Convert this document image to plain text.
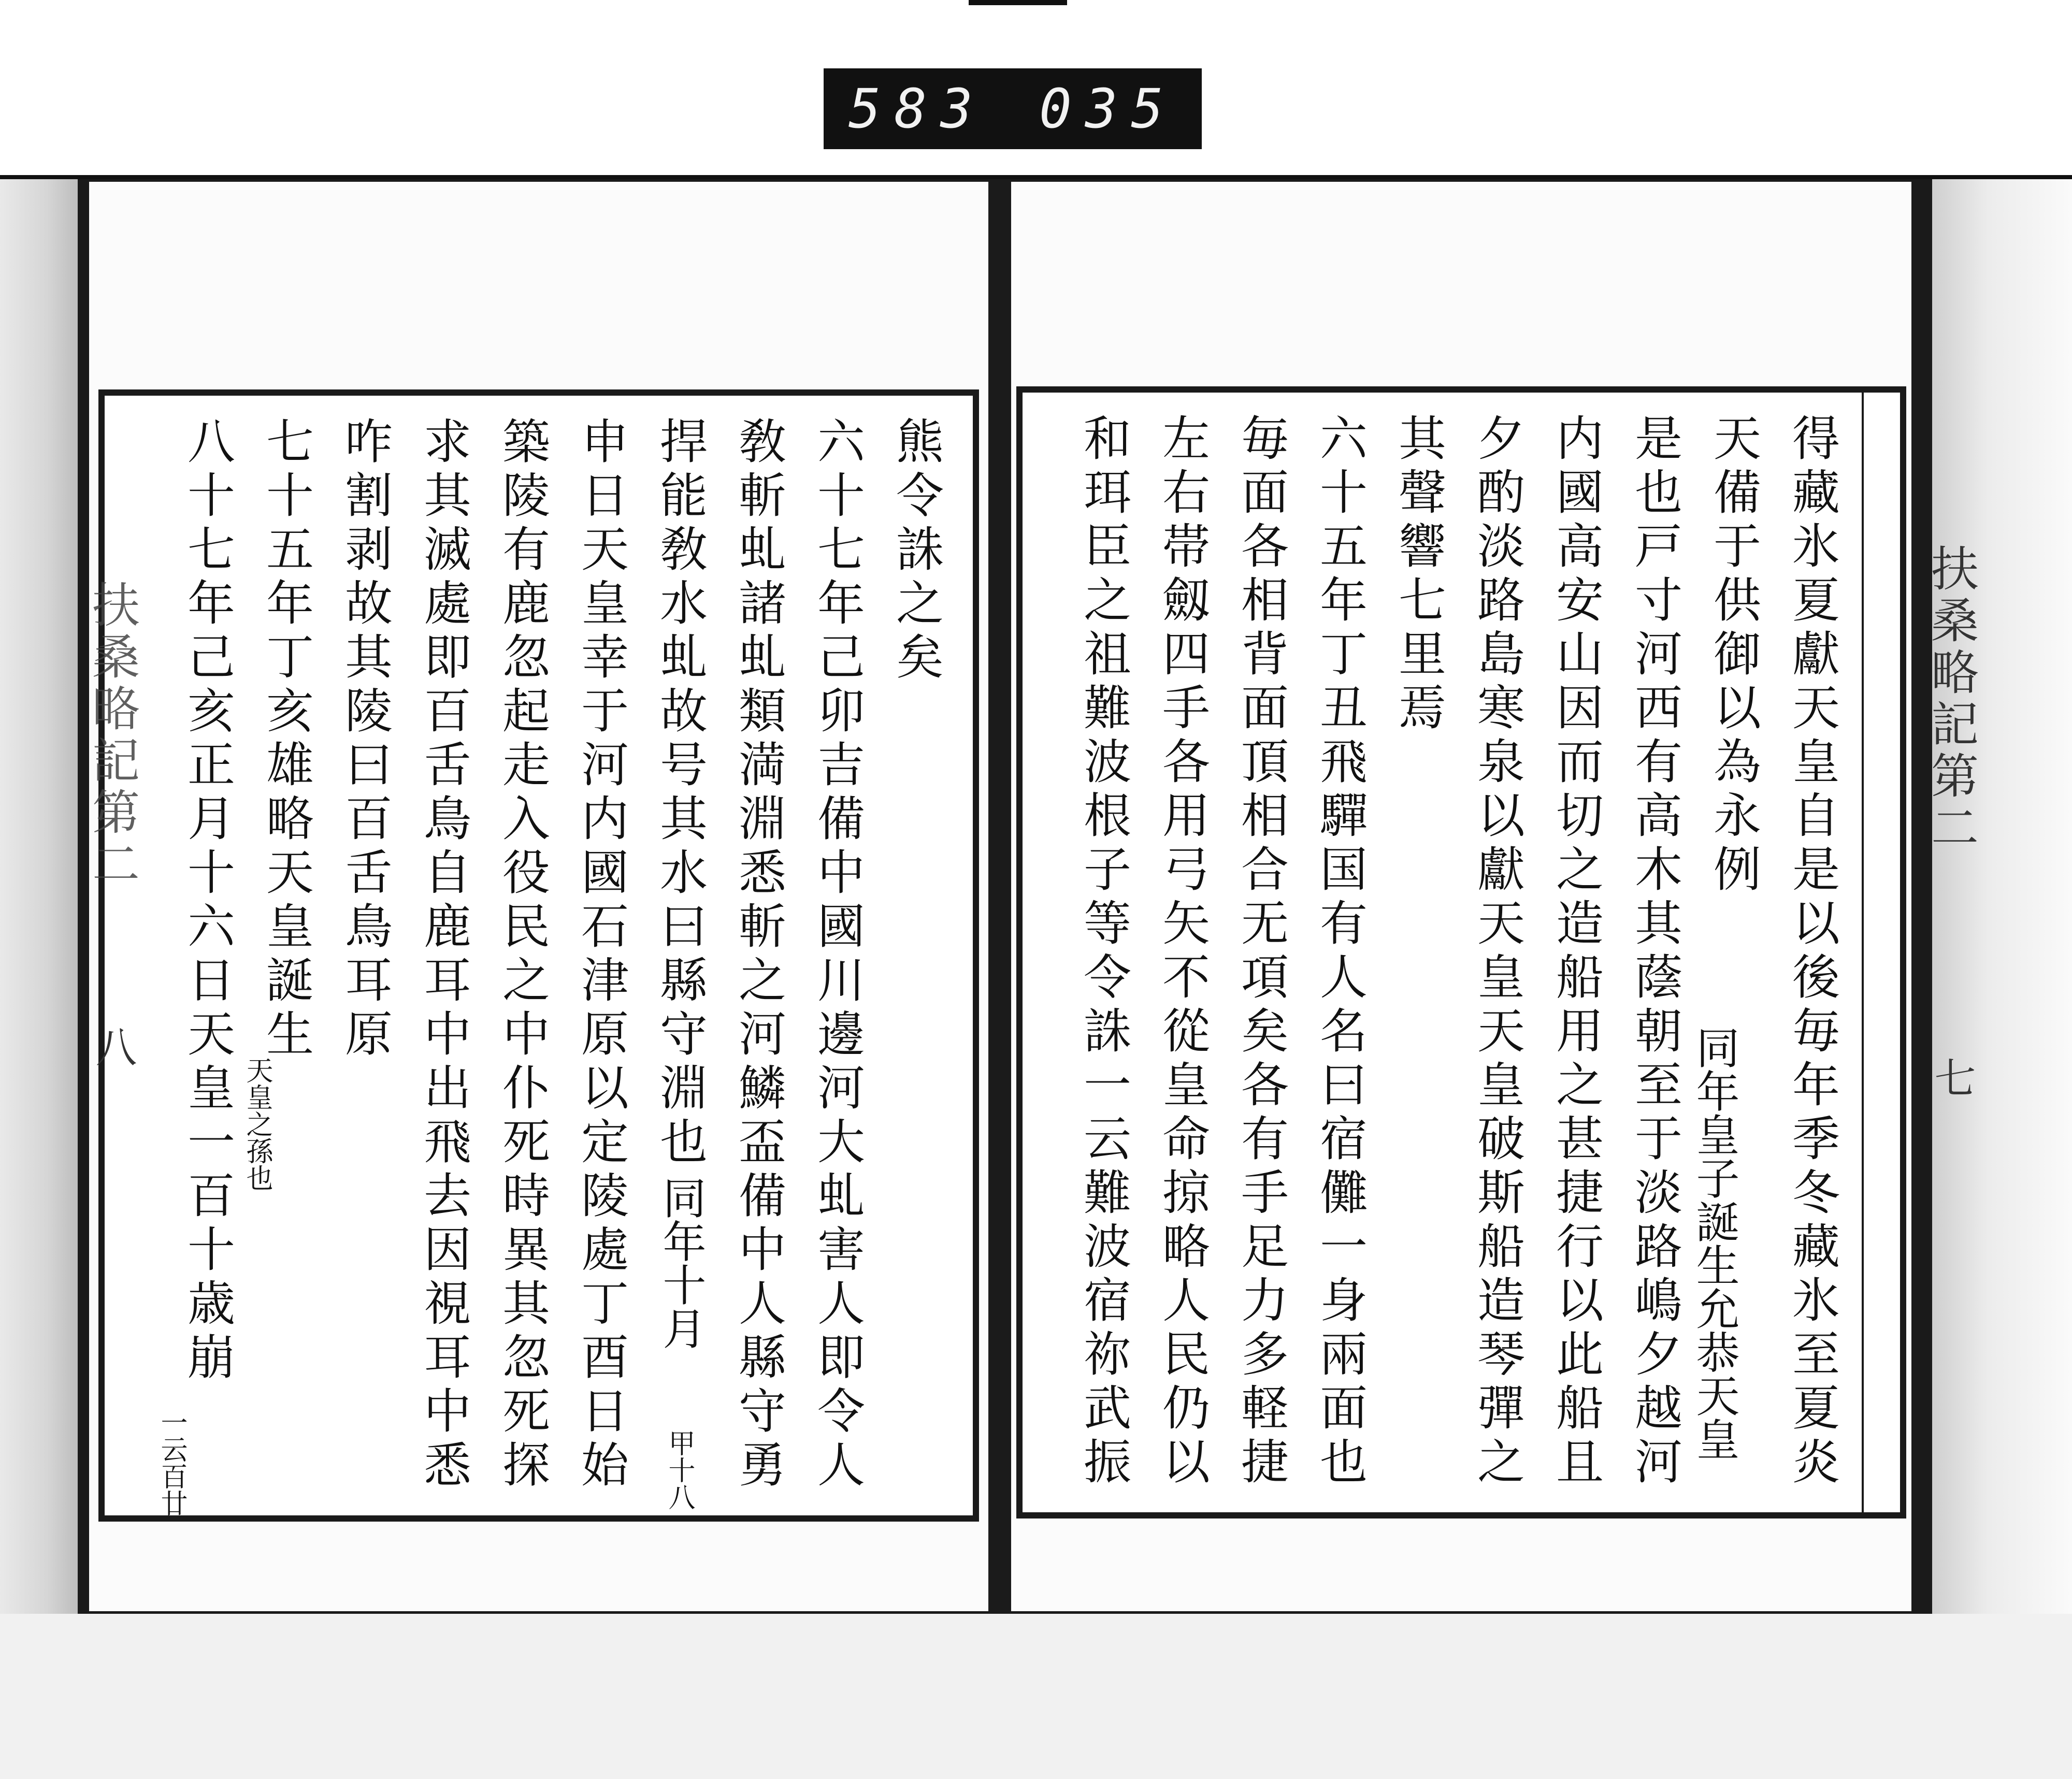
583 035
得藏氷夏獻天皇自是以後毎年季冬藏氷至夏炎
天備于供御以為永例
是也戸寸河西有高木其蔭朝至于淡路嶋夕越河
内國高安山因而切之造船用之甚捷行以此船且
夕酌淡路島寒泉以獻天皇天皇破斯船造琴彈之
其聲響七里焉
六十五年丁丑飛驒国有人名曰宿儺一身兩面也
毎面各相背面頂相合无項矣各有手足力多軽捷
左右帯劔四手各用弓矢不從皇命掠略人民仍以
和珥臣之祖難波根子等令誅一云難波宿祢武振	扶桑略記第二
七
熊令誅之矣
六十七年己卯吉備中國川邊河大虬害人即令人
敎斬虬諸虬類満淵悉斬之河鱗盃備中人縣守勇
捍能敎水虬故号其水曰縣守淵也
申日天皇幸于河内國石津原以定陵處丁酉日始
築陵有鹿忽起走入役民之中仆死時異其忽死探
求其滅處即百舌鳥自鹿耳中出飛去因視耳中悉
咋割剥故其陵曰百舌鳥耳原
七十五年丁亥雄略天皇誕生
八十七年己亥正月十六日天皇一百十歳崩
扶桑略記第二
八	同年皇子誕生允恭天皇
同年十月
甲十八
天皇之孫也
一云百廿
